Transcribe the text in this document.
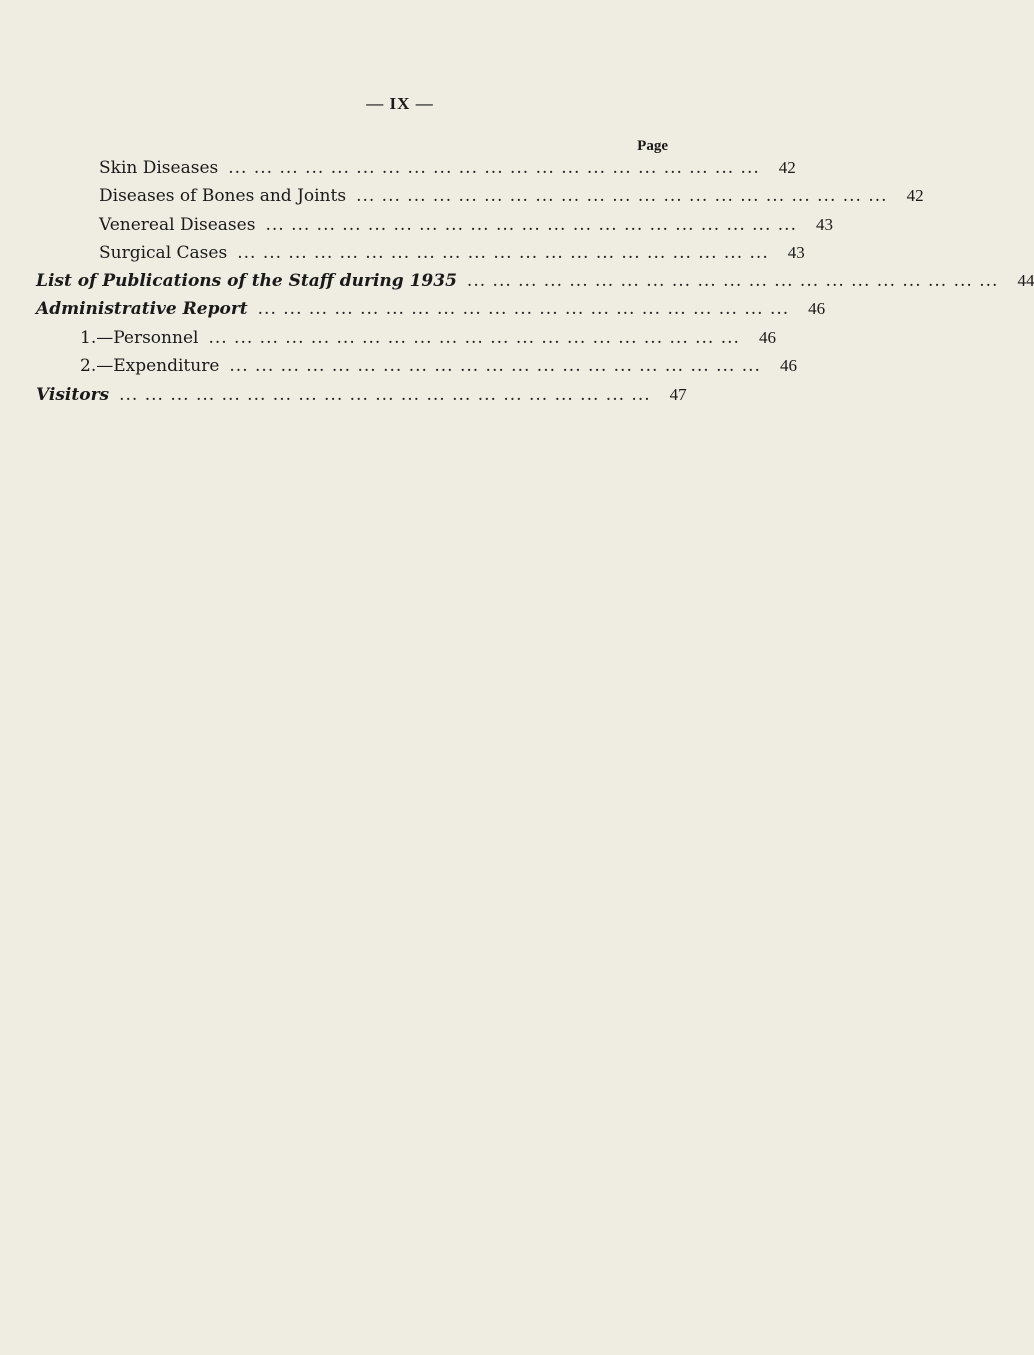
— IX —
Page
Skin Diseases ... ... ... ... ... ... ... ... ... ... ... ... ... ... ... ... ... ... ... ... ...	42
Diseases of Bones and Joints ... ... ... ... ... ... ... ... ... ... ... ... ... ... ... ... ... ... ... ... ...	42
Venereal Diseases ... ... ... ... ... ... ... ... ... ... ... ... ... ... ... ... ... ... ... ... ...	43
Surgical Cases ... ... ... ... ... ... ... ... ... ... ... ... ... ... ... ... ... ... ... ... ...	43
List of Publications of the Staff during 1935 ... ... ... ... ... ... ... ... ... ... ... ... ... ... ... ... ... ... ... ... ...	44
Administrative Report ... ... ... ... ... ... ... ... ... ... ... ... ... ... ... ... ... ... ... ... ...	46
1.—Personnel ... ... ... ... ... ... ... ... ... ... ... ... ... ... ... ... ... ... ... ... ...	46
2.—Expenditure ... ... ... ... ... ... ... ... ... ... ... ... ... ... ... ... ... ... ... ... ...	46
Visitors ... ... ... ... ... ... ... ... ... ... ... ... ... ... ... ... ... ... ... ... ...	47
